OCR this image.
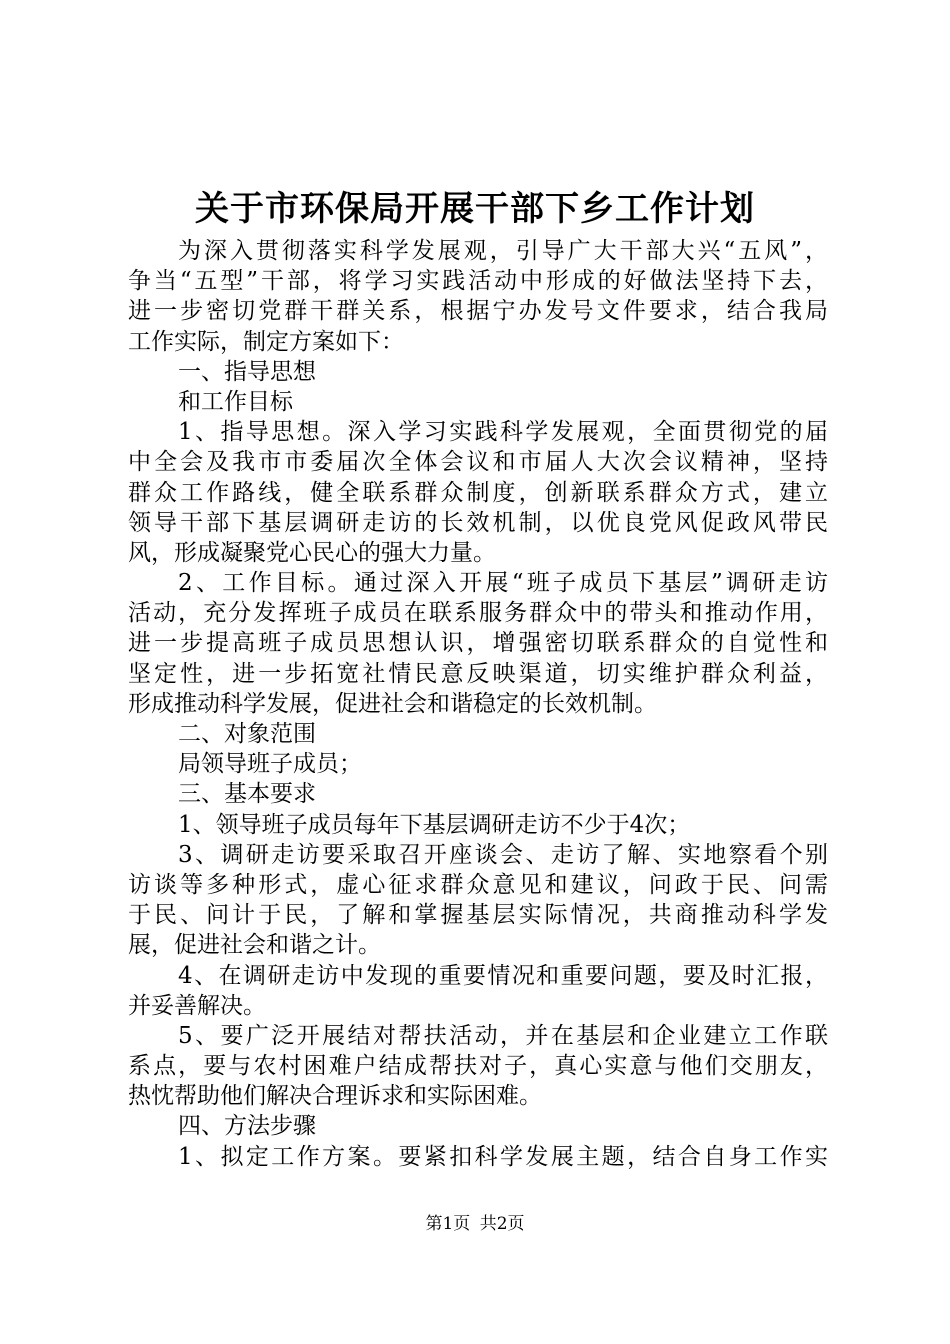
关于市环保局开展干部下乡工作计划
为深入贯彻落实科学发展观，引导广大干部大兴“五风”，
争当“五型”干部，将学习实践活动中形成的好做法坚持下去，
进一步密切党群干群关系，根据宁办发号文件要求，结合我局
工作实际，制定方案如下：
一、指导思想
和工作目标
1、指导思想。深入学习实践科学发展观，全面贯彻党的届
中全会及我市市委届次全体会议和市届人大次会议精神，坚持
群众工作路线，健全联系群众制度，创新联系群众方式，建立
领导干部下基层调研走访的长效机制，以优良党风促政风带民
风，形成凝聚党心民心的强大力量。
2、工作目标。通过深入开展“班子成员下基层”调研走访
活动，充分发挥班子成员在联系服务群众中的带头和推动作用，
进一步提高班子成员思想认识，增强密切联系群众的自觉性和
坚定性，进一步拓宽社情民意反映渠道，切实维护群众利益，
形成推动科学发展，促进社会和谐稳定的长效机制。
二、对象范围
局领导班子成员；
三、基本要求
1、领导班子成员每年下基层调研走访不少于4次；
3、调研走访要采取召开座谈会、走访了解、实地察看个别
访谈等多种形式，虚心征求群众意见和建议，问政于民、问需
于民、问计于民，了解和掌握基层实际情况，共商推动科学发
展，促进社会和谐之计。
4、在调研走访中发现的重要情况和重要问题，要及时汇报，
并妥善解决。
5、要广泛开展结对帮扶活动，并在基层和企业建立工作联
系点，要与农村困难户结成帮扶对子，真心实意与他们交朋友，
热忱帮助他们解决合理诉求和实际困难。
四、方法步骤
1、拟定工作方案。要紧扣科学发展主题，结合自身工作实
第1页 共2页
